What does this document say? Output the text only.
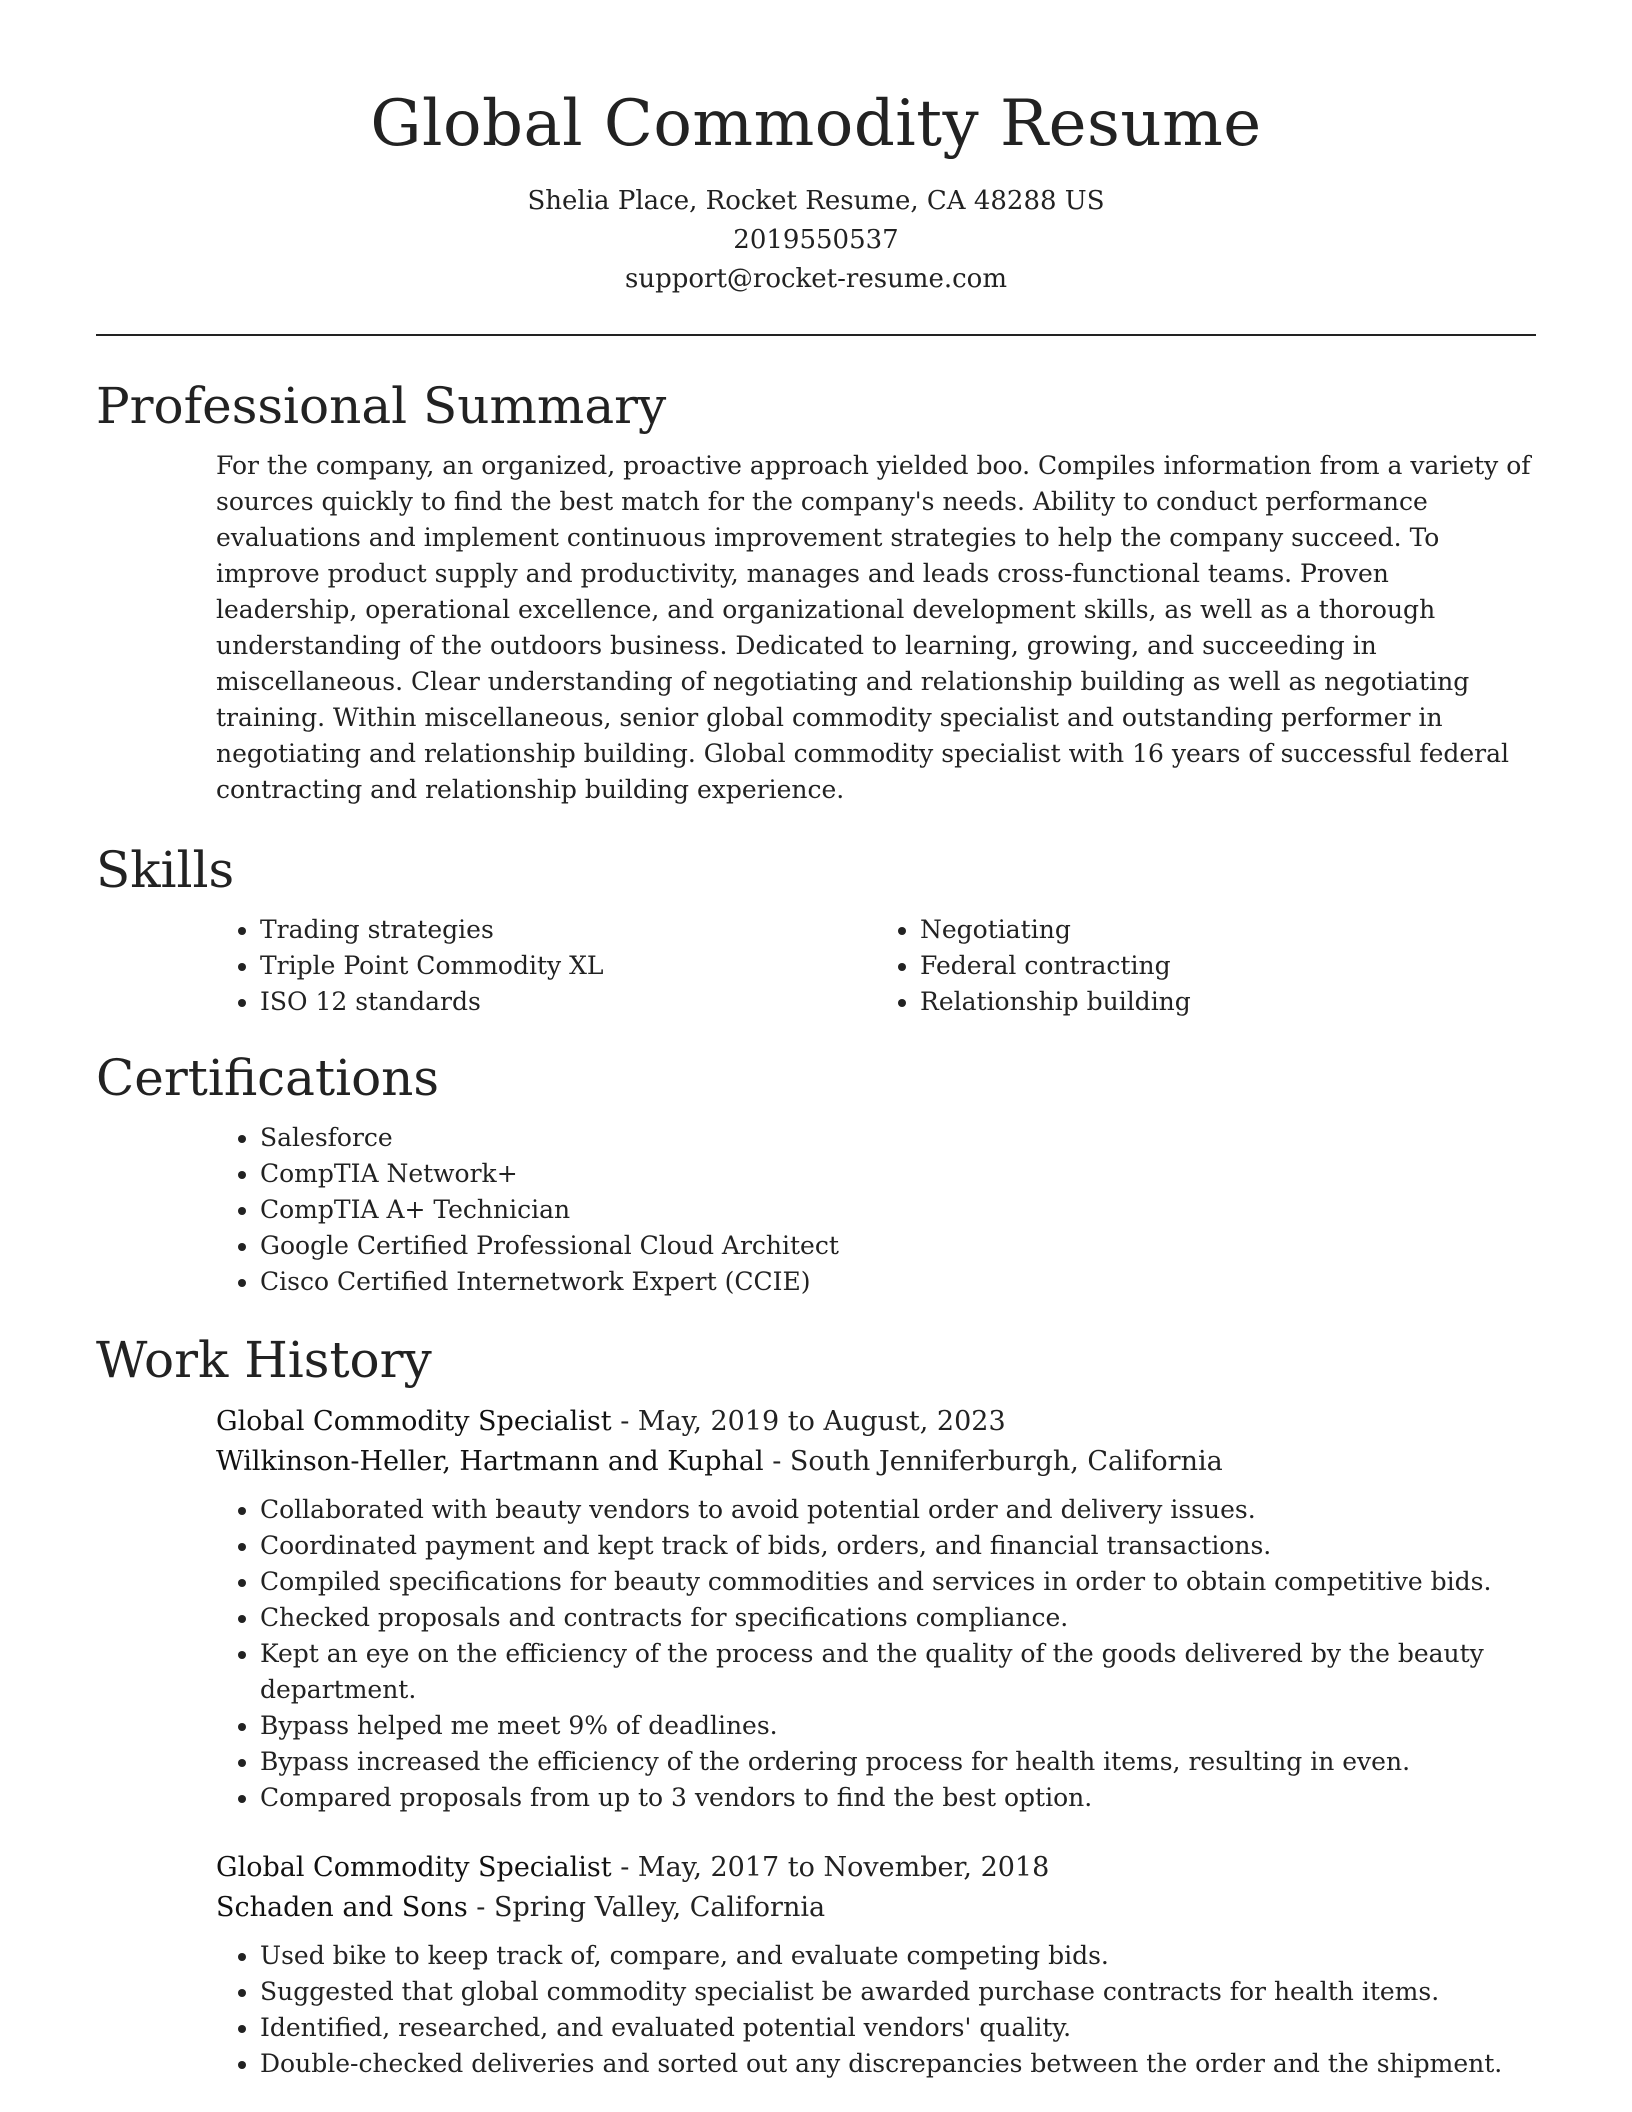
Global Commodity Resume

Shelia Place, Rocket Resume, CA 48288 US

2019550537

support@rocket-resume.com

Professional Summary

For the company, an organized, proactive approach yielded boo. Compiles information from a variety of sources quickly to find the best match for the company's needs. Ability to conduct performance evaluations and implement continuous improvement strategies to help the company succeed. To improve product supply and productivity, manages and leads cross-functional teams. Proven leadership, operational excellence, and organizational development skills, as well as a thorough understanding of the outdoors business. Dedicated to learning, growing, and succeeding in miscellaneous. Clear understanding of negotiating and relationship building as well as negotiating training. Within miscellaneous, senior global commodity specialist and outstanding performer in negotiating and relationship building. Global commodity specialist with 16 years of successful federal contracting and relationship building experience.

Skills
• Trading strategies
• Triple Point Commodity XL
• ISO 12 standards
• Negotiating
• Federal contracting
• Relationship building
Certifications
• Salesforce
• CompTIA Network+
• CompTIA A+ Technician
• Google Certified Professional Cloud Architect
• Cisco Certified Internetwork Expert (CCIE)
Work History

Global Commodity Specialist - May, 2019 to August, 2023

Wilkinson-Heller, Hartmann and Kuphal - South Jenniferburgh, California

• Collaborated with beauty vendors to avoid potential order and delivery issues.
• Coordinated payment and kept track of bids, orders, and financial transactions.
• Compiled specifications for beauty commodities and services in order to obtain competitive bids.
• Checked proposals and contracts for specifications compliance.
• Kept an eye on the efficiency of the process and the quality of the goods delivered by the beauty department.
• Bypass helped me meet 9% of deadlines.
• Bypass increased the efficiency of the ordering process for health items, resulting in even.
• Compared proposals from up to 3 vendors to find the best option.

Global Commodity Specialist - May, 2017 to November, 2018

Schaden and Sons - Spring Valley, California

• Used bike to keep track of, compare, and evaluate competing bids.
• Suggested that global commodity specialist be awarded purchase contracts for health items.
• Identified, researched, and evaluated potential vendors' quality.
• Double-checked deliveries and sorted out any discrepancies between the order and the shipment.
